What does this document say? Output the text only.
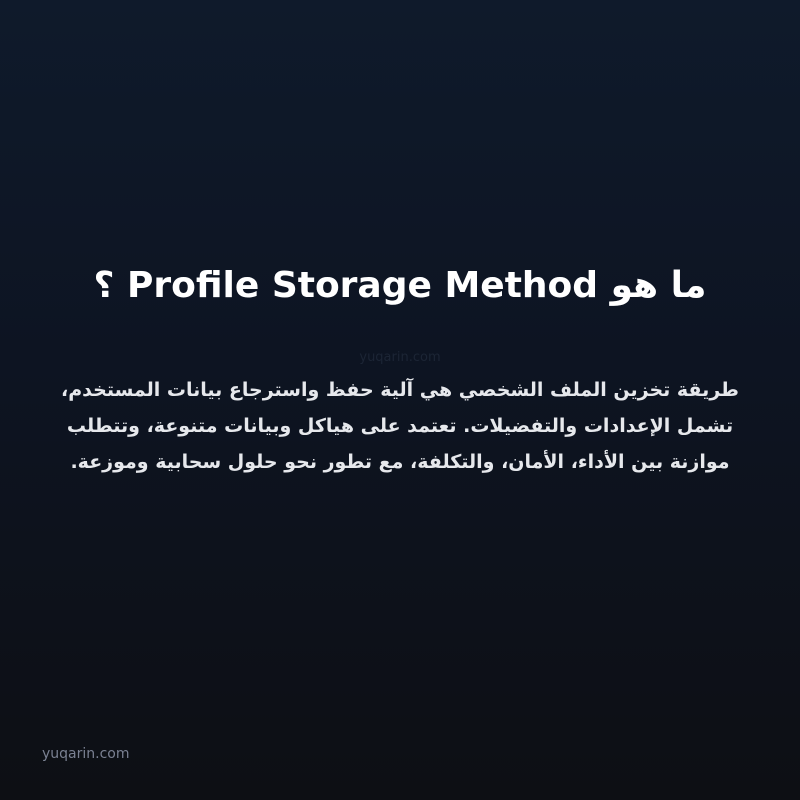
ما هو Profile Storage Method ؟
yuqarin.com

طريقة تخزين الملف الشخصي هي آلية حفظ واسترجاع بيانات المستخدم، تشمل الإعدادات والتفضيلات. تعتمد على هياكل وبيانات متنوعة، وتتطلب موازنة بين الأداء، الأمان، والتكلفة، مع تطور نحو حلول سحابية وموزعة.

yuqarin.com
